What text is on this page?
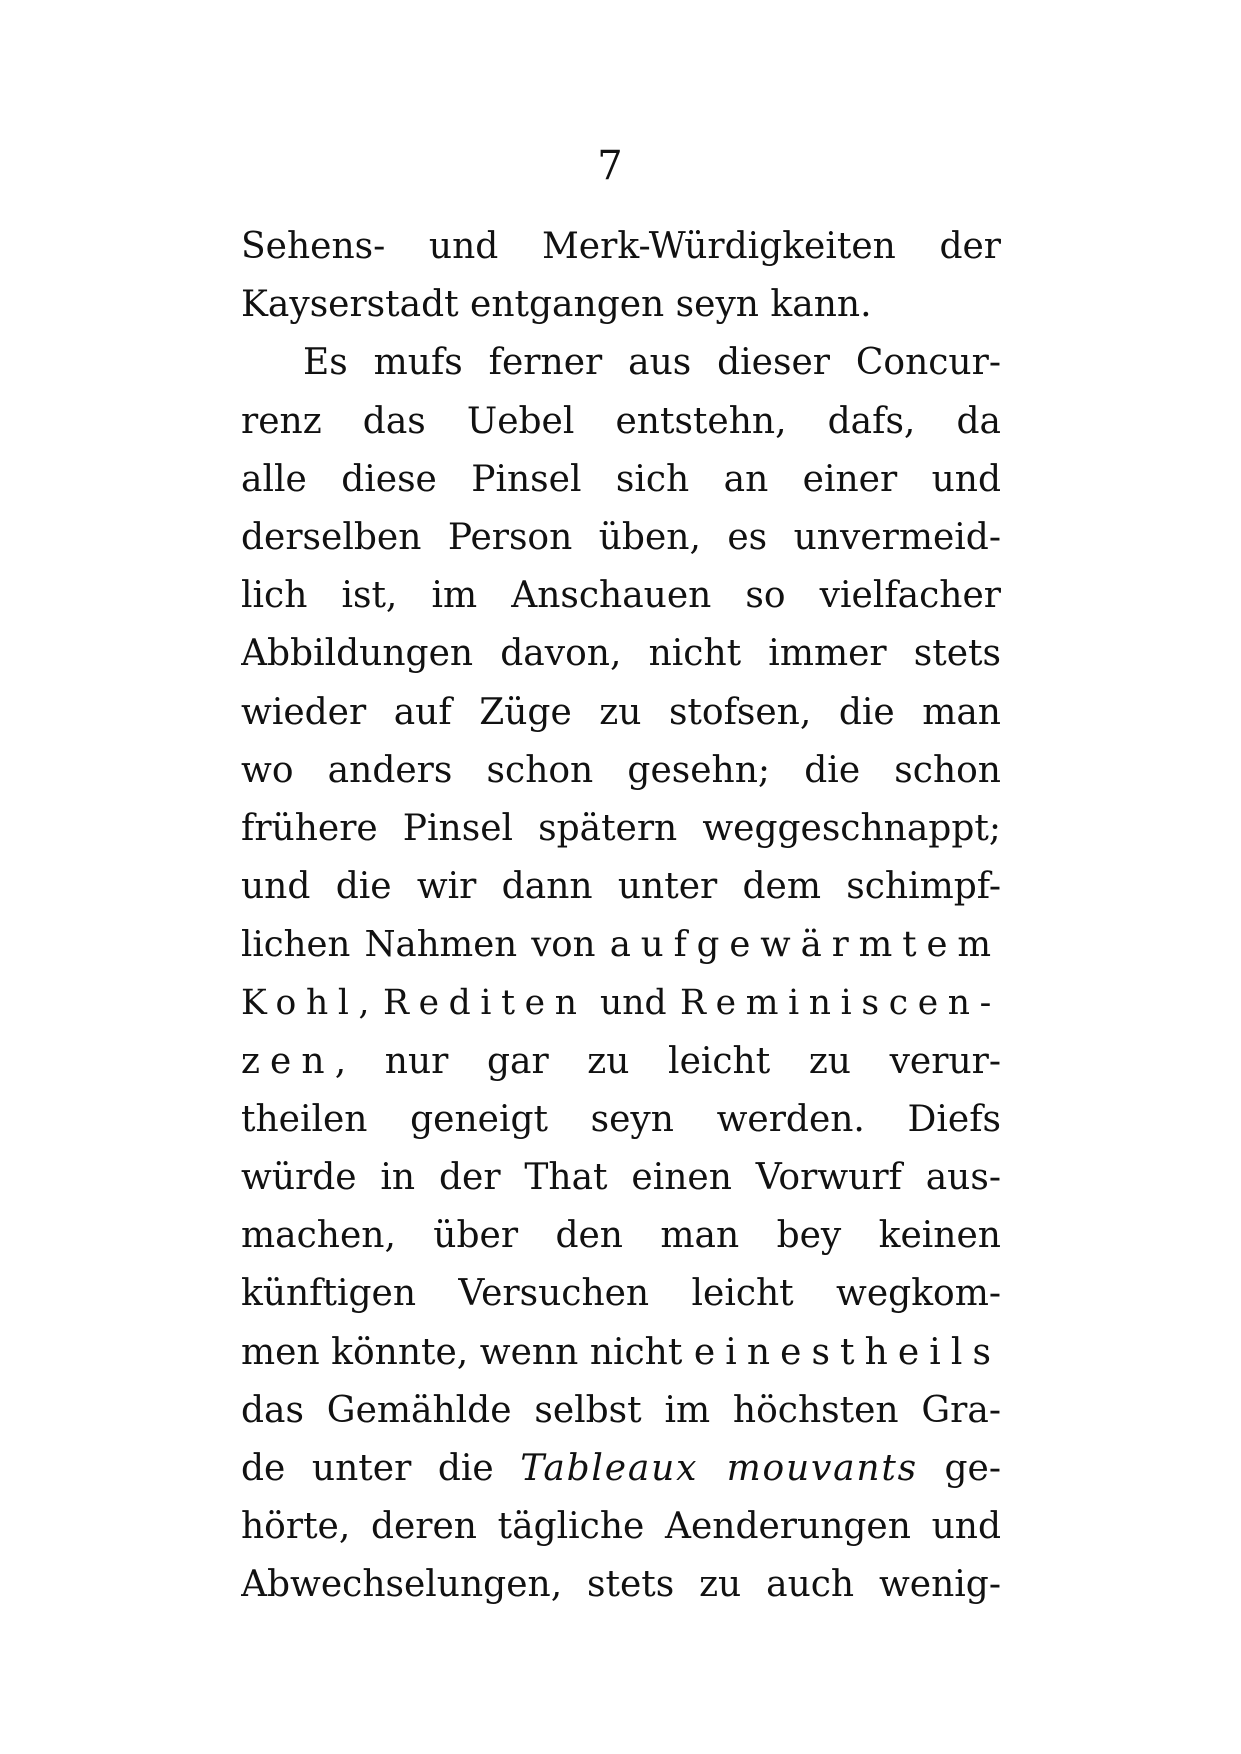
7
Sehens- und Merk-Würdigkeiten der
Kayserstadt entgangen seyn kann.
Es mufs ferner aus dieser Concur-
renz das Uebel entstehn, dafs, da
alle diese Pinsel sich an einer und
derselben Person üben, es unvermeid-
lich ist, im Anschauen so vielfacher
Abbildungen davon, nicht immer stets
wieder auf Züge zu stofsen, die man
wo anders schon gesehn; die schon
frühere Pinsel spätern weggeschnappt;
und die wir dann unter dem schimpf-
lichen Nahmen von aufgewärmtem
Kohl, Rediten und Reminiscen-
zen, nur gar zu leicht zu verur-
theilen geneigt seyn werden. Diefs
würde in der That einen Vorwurf aus-
machen, über den man bey keinen
künftigen Versuchen leicht wegkom-
men könnte, wenn nicht einestheils
das Gemählde selbst im höchsten Gra-
de unter die Tableaux mouvants ge-
hörte, deren tägliche Aenderungen und
Abwechselungen, stets zu auch wenig-
